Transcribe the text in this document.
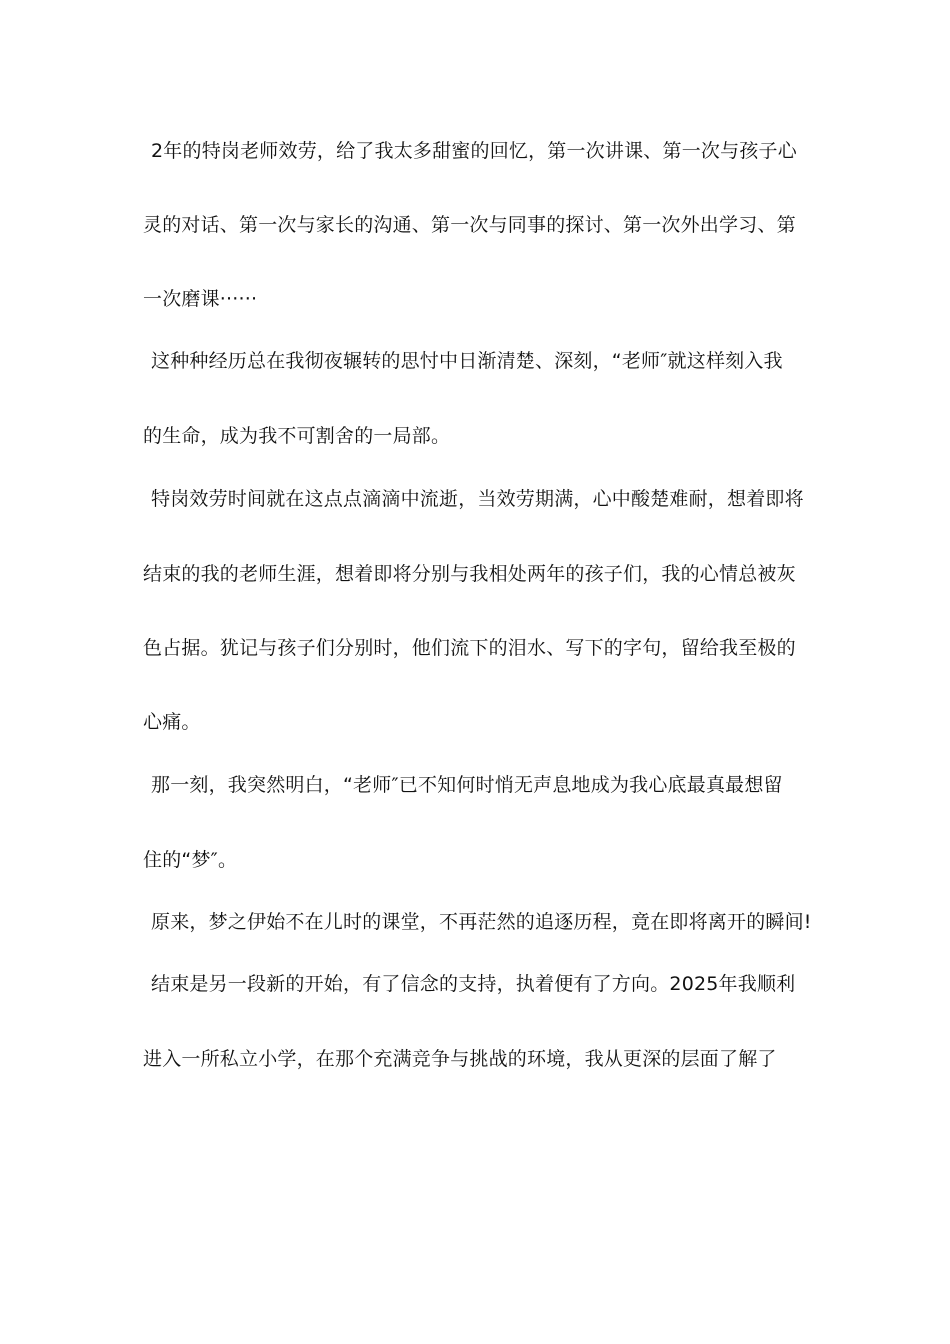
2年的特岗老师效劳，给了我太多甜蜜的回忆，第一次讲课、第一次与孩子心
灵的对话、第一次与家长的沟通、第一次与同事的探讨、第一次外出学习、第
一次磨课······
这种种经历总在我彻夜辗转的思忖中日渐清楚、深刻，“老师″就这样刻入我
的生命，成为我不可割舍的一局部。
特岗效劳时间就在这点点滴滴中流逝，当效劳期满，心中酸楚难耐，想着即将
结束的我的老师生涯，想着即将分别与我相处两年的孩子们，我的心情总被灰
色占据。犹记与孩子们分别时，他们流下的泪水、写下的字句，留给我至极的
心痛。
那一刻，我突然明白，“老师″已不知何时悄无声息地成为我心底最真最想留
住的“梦″。
原来，梦之伊始不在儿时的课堂，不再茫然的追逐历程，竟在即将离开的瞬间!
结束是另一段新的开始，有了信念的支持，执着便有了方向。2025年我顺利
进入一所私立小学，在那个充满竞争与挑战的环境，我从更深的层面了解了
